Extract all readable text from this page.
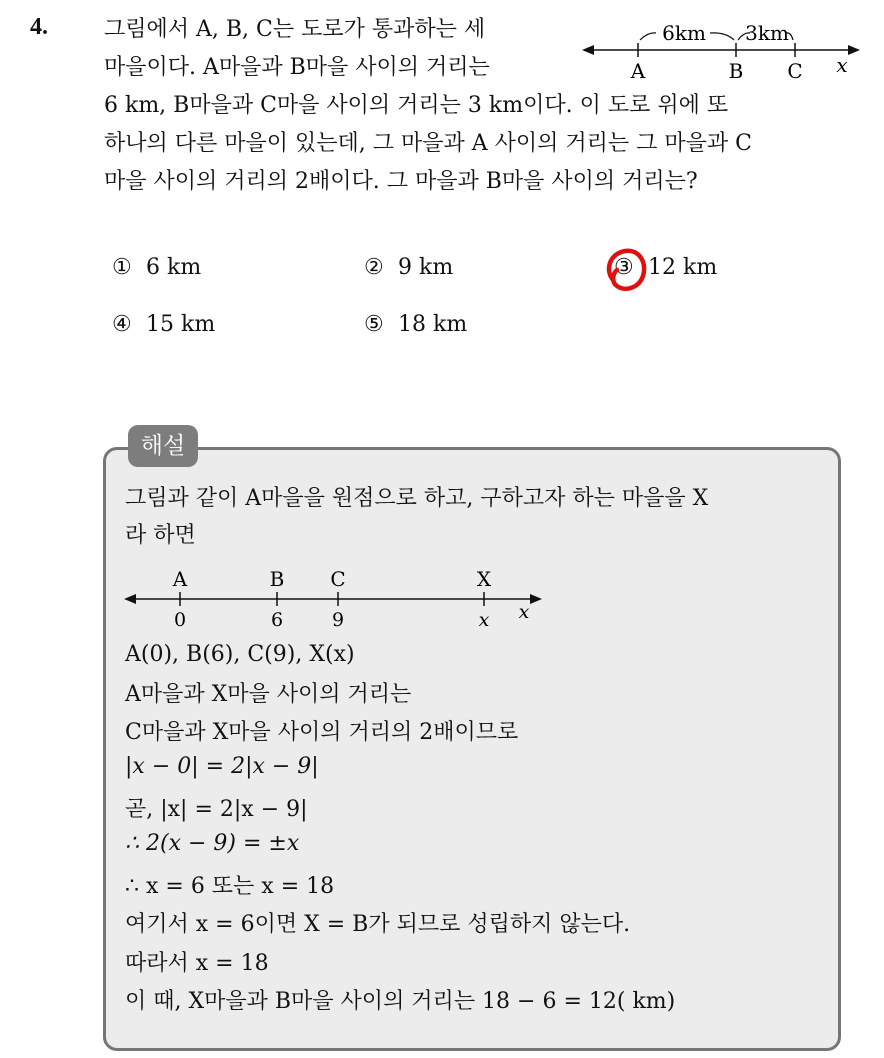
4.	그림에서 A, B, C는 도로가 통과하는 세
마을이다. A마을과 B마을 사이의 거리는
6 km, B마을과 C마을 사이의 거리는 3 km이다. 이 도로 위에 또
하나의 다른 마을이 있는데, 그 마을과 A 사이의 거리는 그 마을과 C
마을 사이의 거리의 2배이다. 그 마을과 B마을 사이의 거리는?
6km 3km
A	B C x
① 6 km	② 9 km	③ 12 km
④ 15 km	⑤ 18 km
해설
그림과 같이 A마을을 원점으로 하고, 구하고자 하는 마을을 X
라 하면
A	B C	X
0	6	9	x x
A(0), B(6), C(9), X(x)
A마을과 X마을 사이의 거리는
C마을과 X마을 사이의 거리의 2배이므로
|x − 0| = 2|x − 9|
곧, |x| = 2|x − 9|
∴ 2(x − 9) = ±x
∴ x = 6 또는 x = 18
여기서 x = 6이면 X = B가 되므로 성립하지 않는다.
따라서 x = 18
이 때, X마을과 B마을 사이의 거리는 18 − 6 = 12( km)
